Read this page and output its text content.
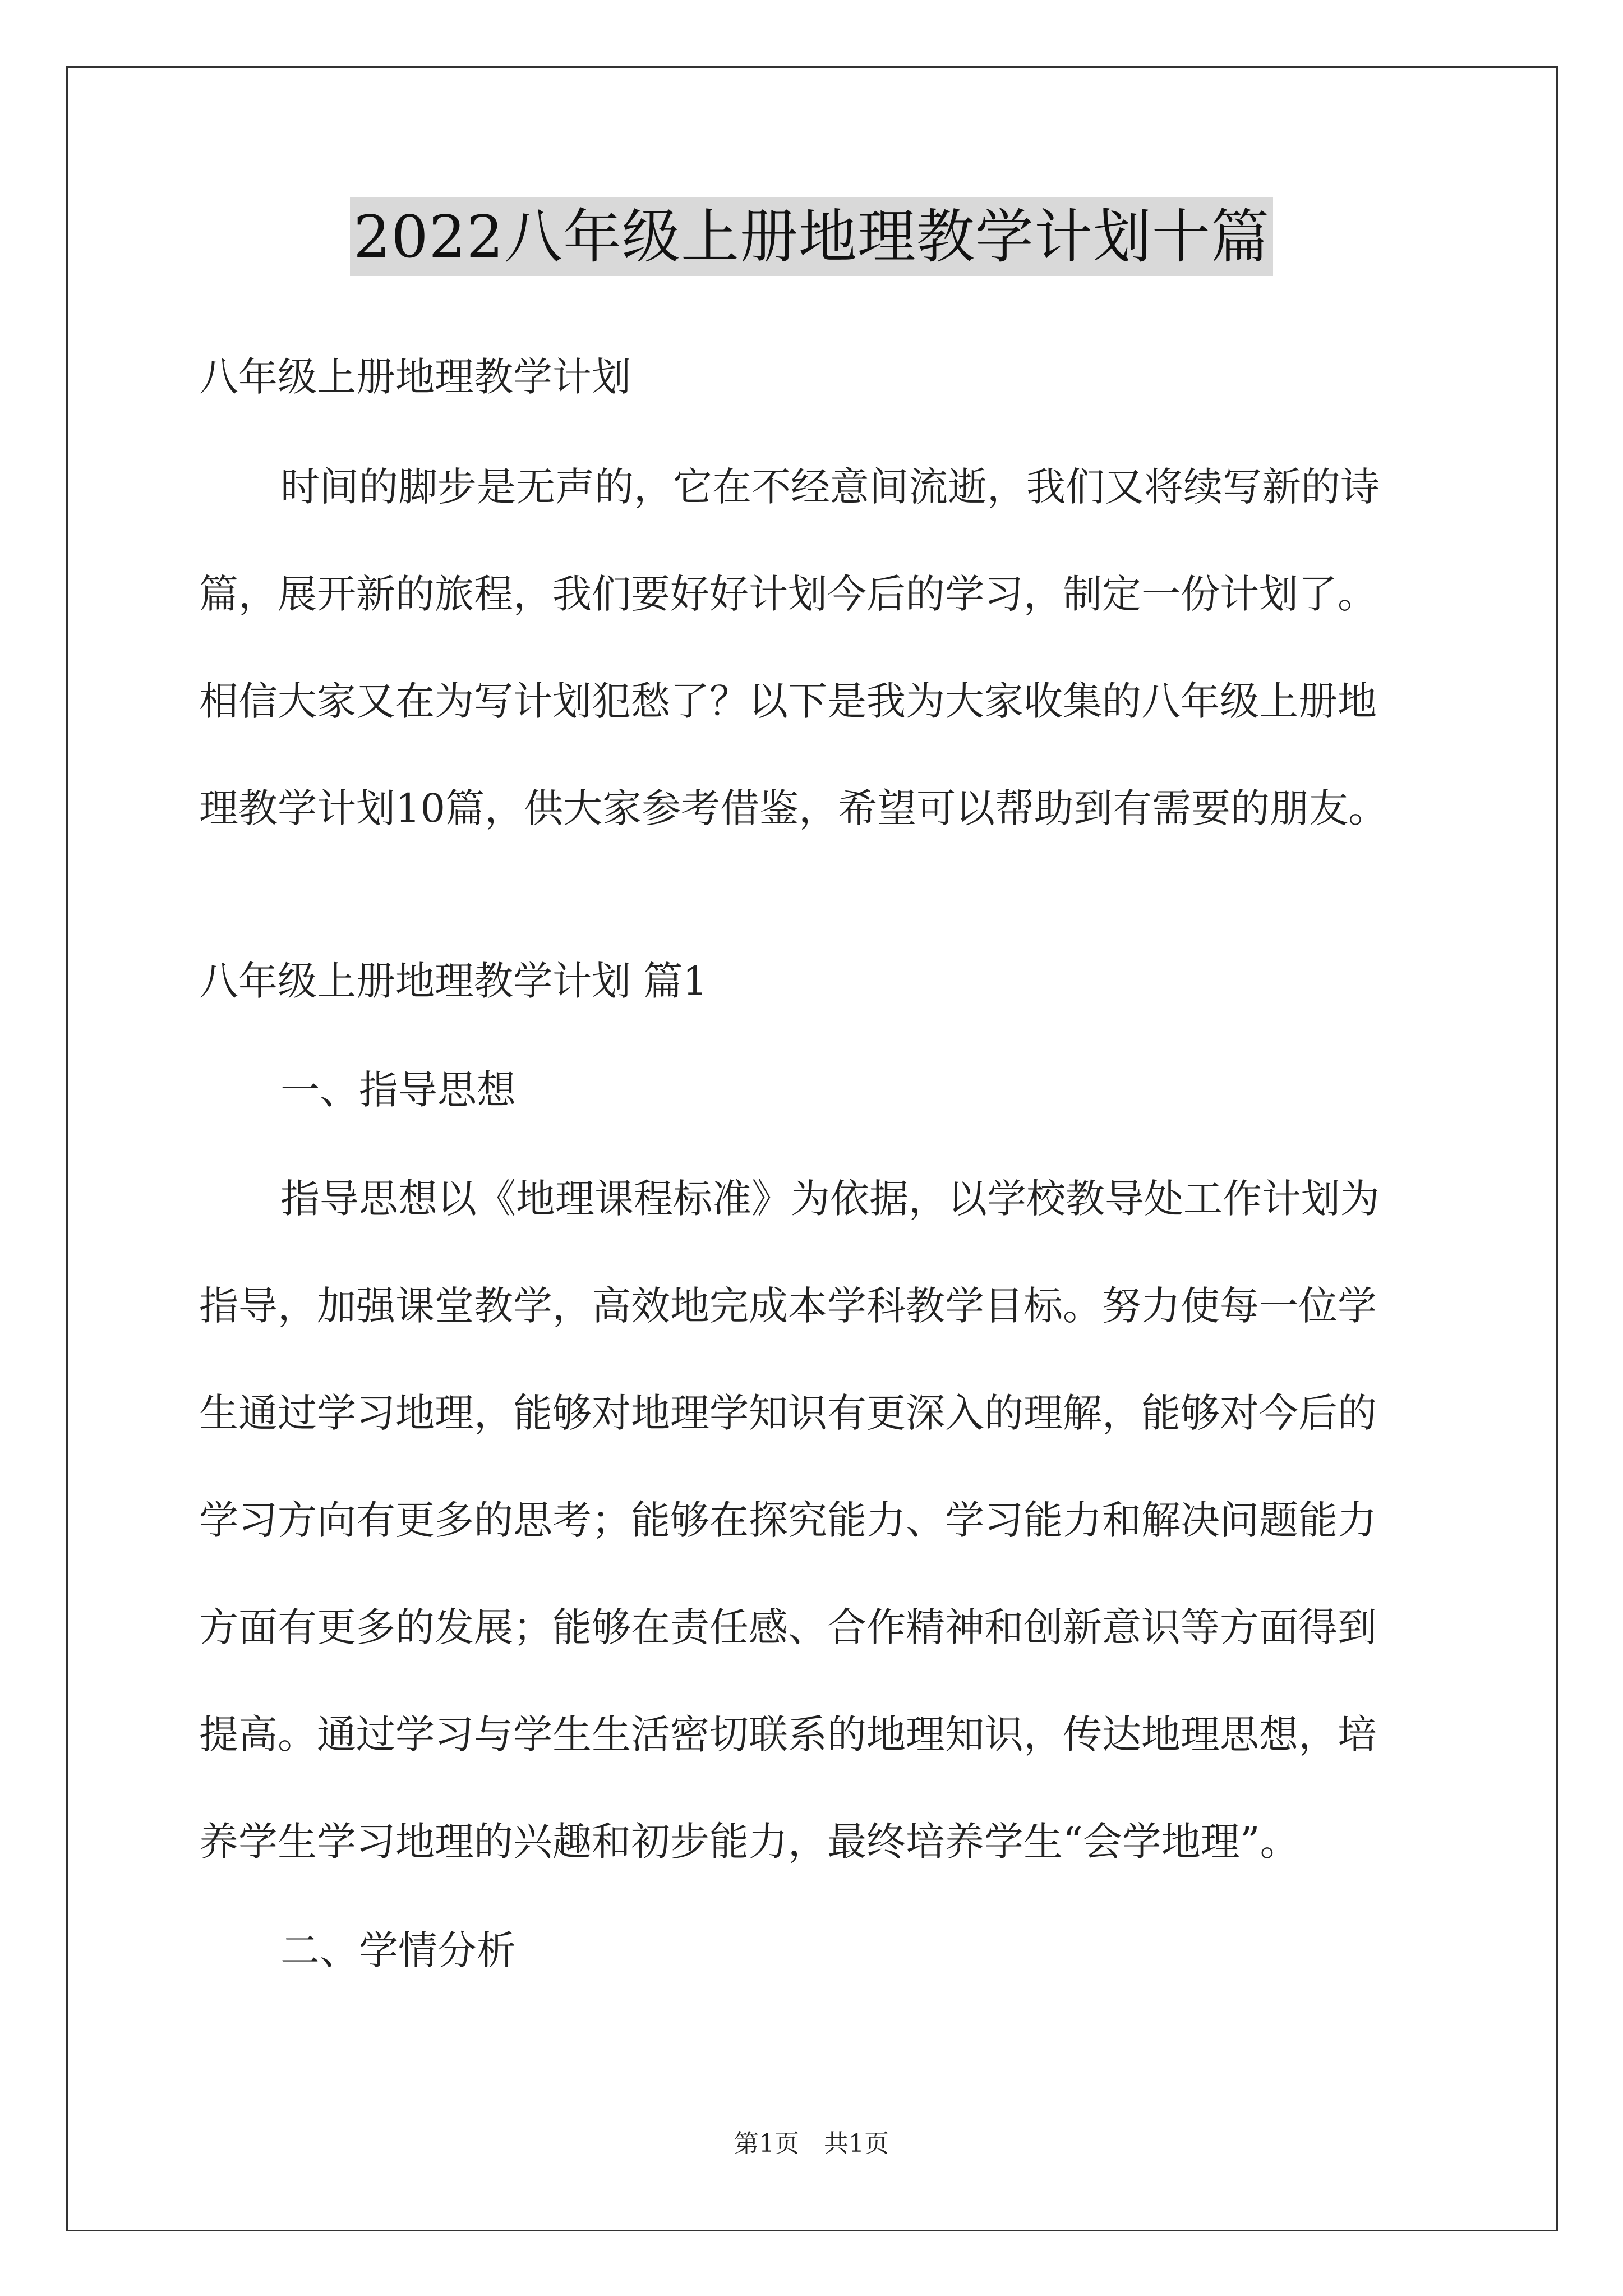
2022八年级上册地理教学计划十篇
八年级上册地理教学计划
时间的脚步是无声的，它在不经意间流逝，我们又将续写新的诗
篇，展开新的旅程，我们要好好计划今后的学习，制定一份计划了。
相信大家又在为写计划犯愁了？以下是我为大家收集的八年级上册地
理教学计划10篇，供大家参考借鉴，希望可以帮助到有需要的朋友。
八年级上册地理教学计划 篇1
一、指导思想
指导思想以《地理课程标准》为依据，以学校教导处工作计划为
指导，加强课堂教学，高效地完成本学科教学目标。努力使每一位学
生通过学习地理，能够对地理学知识有更深入的理解，能够对今后的
学习方向有更多的思考；能够在探究能力、学习能力和解决问题能力
方面有更多的发展；能够在责任感、合作精神和创新意识等方面得到
提高。通过学习与学生生活密切联系的地理知识，传达地理思想，培
养学生学习地理的兴趣和初步能力，最终培养学生“会学地理”。
二、学情分析
第1页　共1页
